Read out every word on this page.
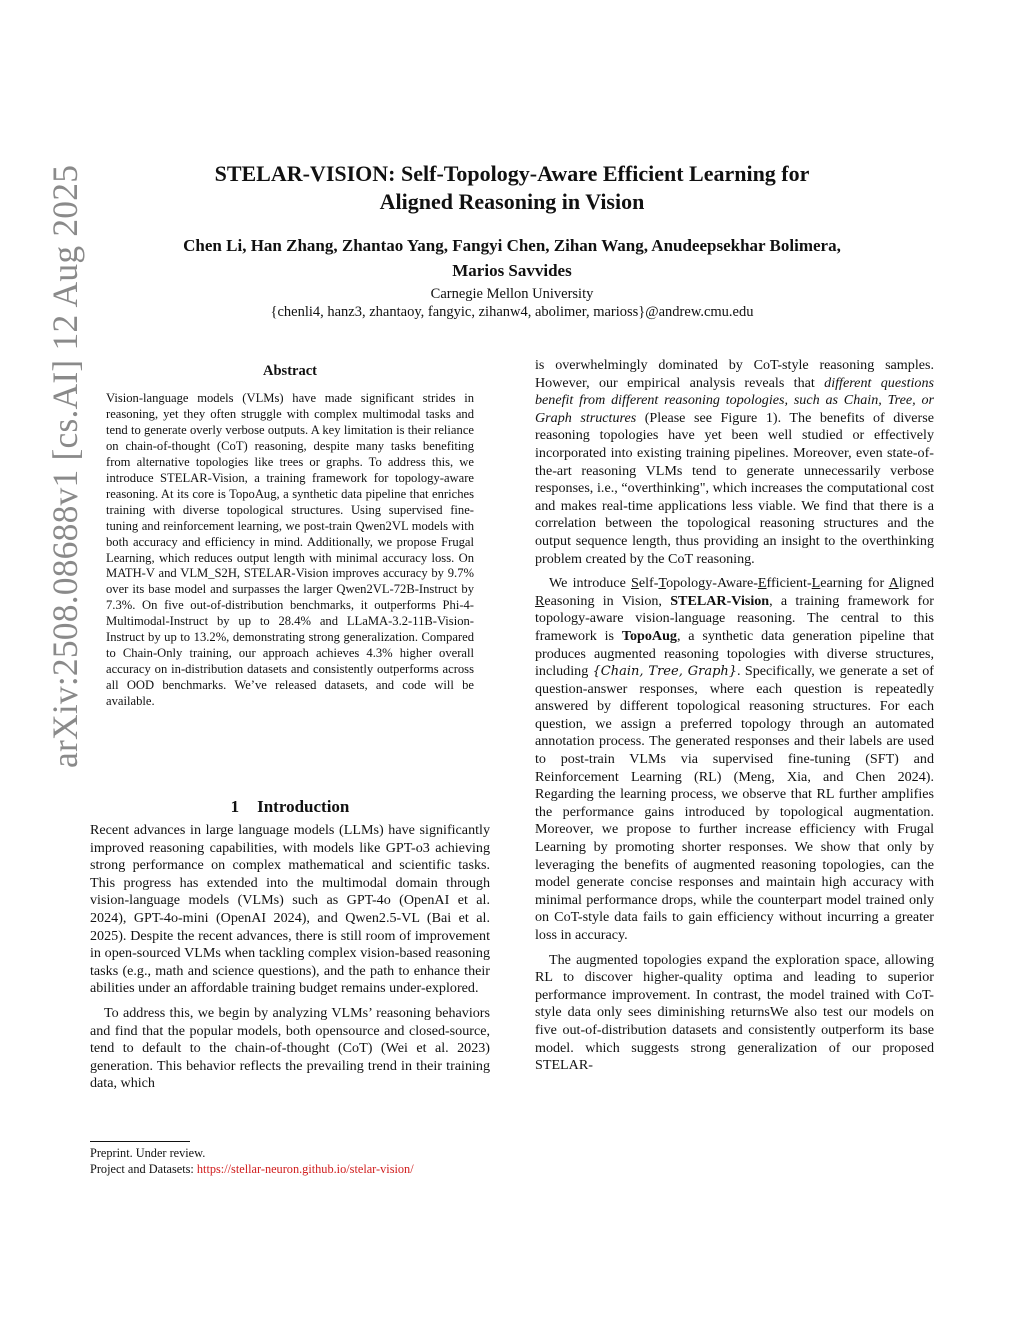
arXiv:2508.08688v1 [cs.AI] 12 Aug 2025	STELAR-VISION: Self-Topology-Aware Efficient Learning for
Aligned Reasoning in Vision
Chen Li, Han Zhang, Zhantao Yang, Fangyi Chen, Zihan Wang, Anudeepsekhar Bolimera,
Marios Savvides
Carnegie Mellon University
{chenli4, hanz3, zhantaoy, fangyic, zihanw4, abolimer, marioss}@andrew.cmu.edu
Abstract
Vision-language models (VLMs) have made significant strides in reasoning, yet they often struggle with complex multimodal tasks and tend to generate overly verbose outputs. A key limitation is their reliance on chain-of-thought (CoT) reasoning, despite many tasks benefiting from alternative topologies like trees or graphs. To address this, we introduce STELAR-Vision, a training framework for topology-aware reasoning. At its core is TopoAug, a synthetic data pipeline that enriches training with diverse topological structures. Using supervised fine-tuning and reinforcement learning, we post-train Qwen2VL models with both accuracy and efficiency in mind. Additionally, we propose Frugal Learning, which reduces output length with minimal accuracy loss. On MATH-V and VLM_S2H, STELAR-Vision improves accuracy by 9.7% over its base model and surpasses the larger Qwen2VL-72B-Instruct by 7.3%. On five out-of-distribution benchmarks, it outperforms Phi-4-Multimodal-Instruct by up to 28.4% and LLaMA-3.2-11B-Vision-Instruct by up to 13.2%, demonstrating strong generalization. Compared to Chain-Only training, our approach achieves 4.3% higher overall accuracy on in-distribution datasets and consistently outperforms across all OOD benchmarks. We’ve released datasets, and code will be available.
1 Introduction

Recent advances in large language models (LLMs) have significantly improved reasoning capabilities, with models like GPT-o3 achieving strong performance on complex mathematical and scientific tasks. This progress has extended into the multimodal domain through vision-language models (VLMs) such as GPT-4o (OpenAI et al. 2024), GPT-4o-mini (OpenAI 2024), and Qwen2.5-VL (Bai et al. 2025). Despite the recent advances, there is still room of improvement in open-sourced VLMs when tackling complex vision-based reasoning tasks (e.g., math and science questions), and the path to enhance their abilities under an affordable training budget remains under-explored.

To address this, we begin by analyzing VLMs’ reasoning behaviors and find that the popular models, both opensource and closed-source, tend to default to the chain-of-thought (CoT) (Wei et al. 2023) generation. This behavior reflects the prevailing trend in their training data, which

is overwhelmingly dominated by CoT-style reasoning samples. However, our empirical analysis reveals that different questions benefit from different reasoning topologies, such as Chain, Tree, or Graph structures (Please see Figure 1). The benefits of diverse reasoning topologies have yet been well studied or effectively incorporated into existing training pipelines. Moreover, even state-of-the-art reasoning VLMs tend to generate unnecessarily verbose responses, i.e., “overthinking", which increases the computational cost and makes real-time applications less viable. We find that there is a correlation between the topological reasoning structures and the output sequence length, thus providing an insight to the overthinking problem created by the CoT reasoning.

We introduce Self-Topology-Aware-Efficient-Learning for Aligned Reasoning in Vision, STELAR-Vision, a training framework for topology-aware vision-language reasoning. The central to this framework is TopoAug, a synthetic data generation pipeline that produces augmented reasoning topologies with diverse structures, including {Chain, Tree, Graph}. Specifically, we generate a set of question-answer responses, where each question is repeatedly answered by different topological reasoning structures. For each question, we assign a preferred topology through an automated annotation process. The generated responses and their labels are used to post-train VLMs via supervised fine-tuning (SFT) and Reinforcement Learning (RL) (Meng, Xia, and Chen 2024). Regarding the learning process, we observe that RL further amplifies the performance gains introduced by topological augmentation. Moreover, we propose to further increase efficiency with Frugal Learning by promoting shorter responses. We show that only by leveraging the benefits of augmented reasoning topologies, can the model generate concise responses and maintain high accuracy with minimal performance drops, while the counterpart model trained only on CoT-style data fails to gain efficiency without incurring a greater loss in accuracy.

The augmented topologies expand the exploration space, allowing RL to discover higher-quality optima and leading to superior performance improvement. In contrast, the model trained with CoT-style data only sees diminishing returnsWe also test our models on five out-of-distribution datasets and consistently outperform its base model. which suggests strong generalization of our proposed STELAR-

Preprint. Under review.
Project and Datasets: https://stellar-neuron.github.io/stelar-vision/
